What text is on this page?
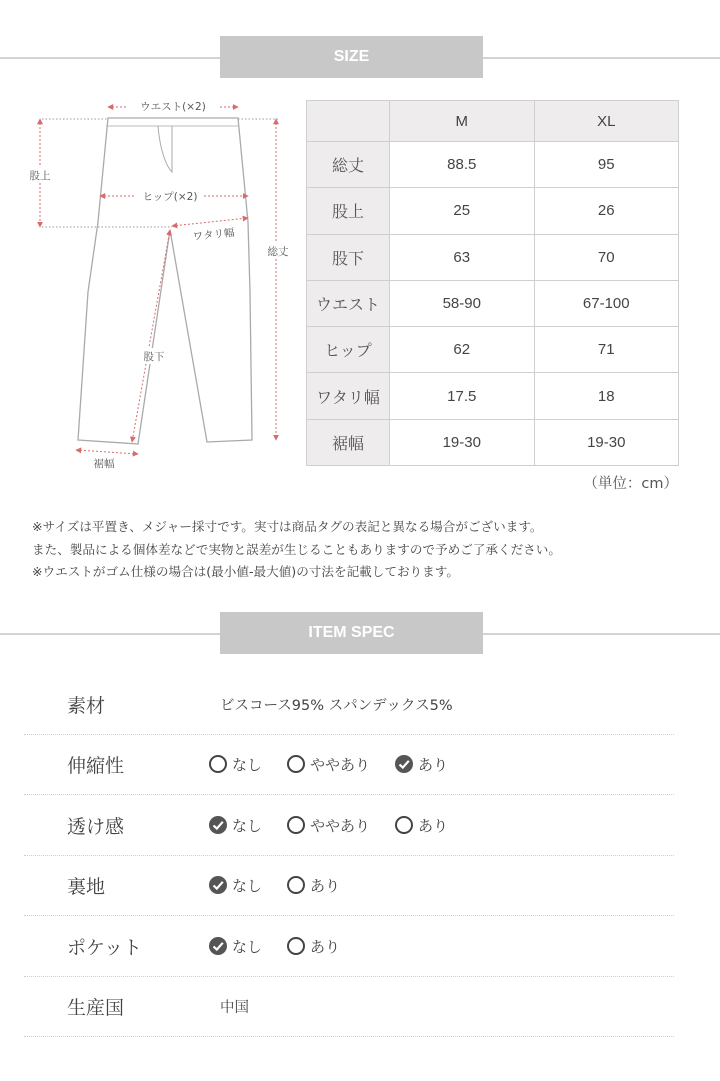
SIZE
ウエスト(×2)
股上
ヒップ(×2)
ワタリ幅
総丈
股下
裾幅
	M	XL
総丈	88.5	95
股上	25	26
股下	63	70
ウエスト	58-90	67-100
ヒップ	62	71
ワタリ幅	17.5	18
裾幅	19-30	19-30
（単位：cm）
※サイズは平置き、メジャー採寸です。実寸は商品タグの表記と異なる場合がございます。
また、製品による個体差などで実物と誤差が生じることもありますので予めご了承ください。
※ウエストがゴム仕様の場合は(最小値-最大値)の寸法を記載しております。
ITEM SPEC
素材	ビスコース95% スパンデックス5%
伸縮性	なし	ややあり	あり
透け感	なし	ややあり	あり
裏地	なし	あり
ポケット	なし	あり
生産国	中国
